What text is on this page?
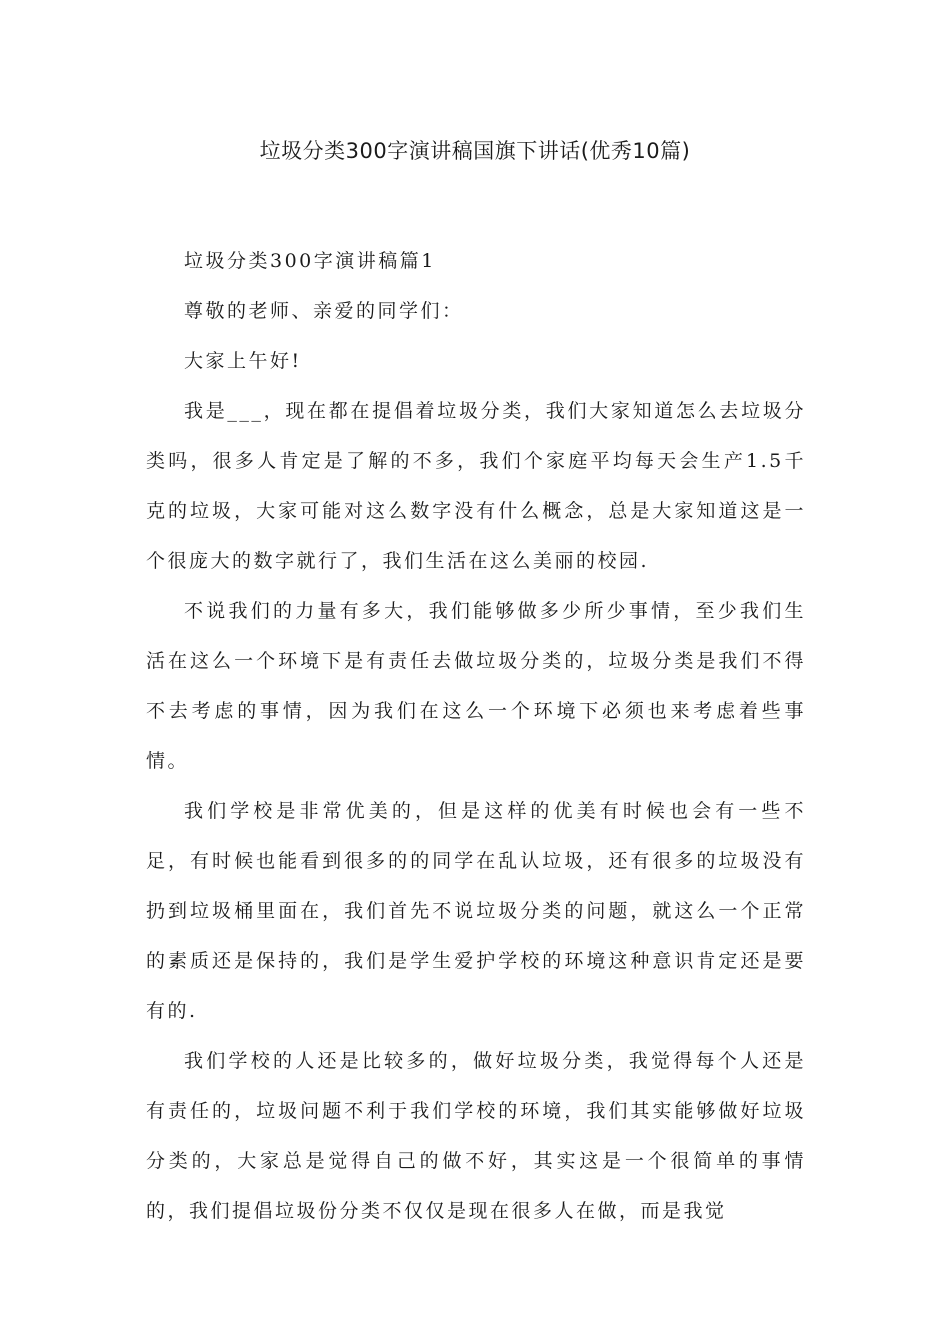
垃圾分类300字演讲稿国旗下讲话(优秀10篇)

垃圾分类300字演讲稿篇1

尊敬的老师、亲爱的同学们：

大家上午好!

我是___，现在都在提倡着垃圾分类，我们大家知道怎么去垃圾分类吗，很多人肯定是了解的不多，我们个家庭平均每天会生产1.5千克的垃圾，大家可能对这么数字没有什么概念，总是大家知道这是一个很庞大的数字就行了，我们生活在这么美丽的校园.

不说我们的力量有多大，我们能够做多少所少事情，至少我们生活在这么一个环境下是有责任去做垃圾分类的，垃圾分类是我们不得不去考虑的事情，因为我们在这么一个环境下必须也来考虑着些事情。

我们学校是非常优美的，但是这样的优美有时候也会有一些不足，有时候也能看到很多的的同学在乱认垃圾，还有很多的垃圾没有扔到垃圾桶里面在，我们首先不说垃圾分类的问题，就这么一个正常的素质还是保持的，我们是学生爱护学校的环境这种意识肯定还是要有的.

我们学校的人还是比较多的，做好垃圾分类，我觉得每个人还是有责任的，垃圾问题不利于我们学校的环境，我们其实能够做好垃圾分类的，大家总是觉得自己的做不好，其实这是一个很简单的事情的，我们提倡垃圾份分类不仅仅是现在很多人在做，而是我觉
